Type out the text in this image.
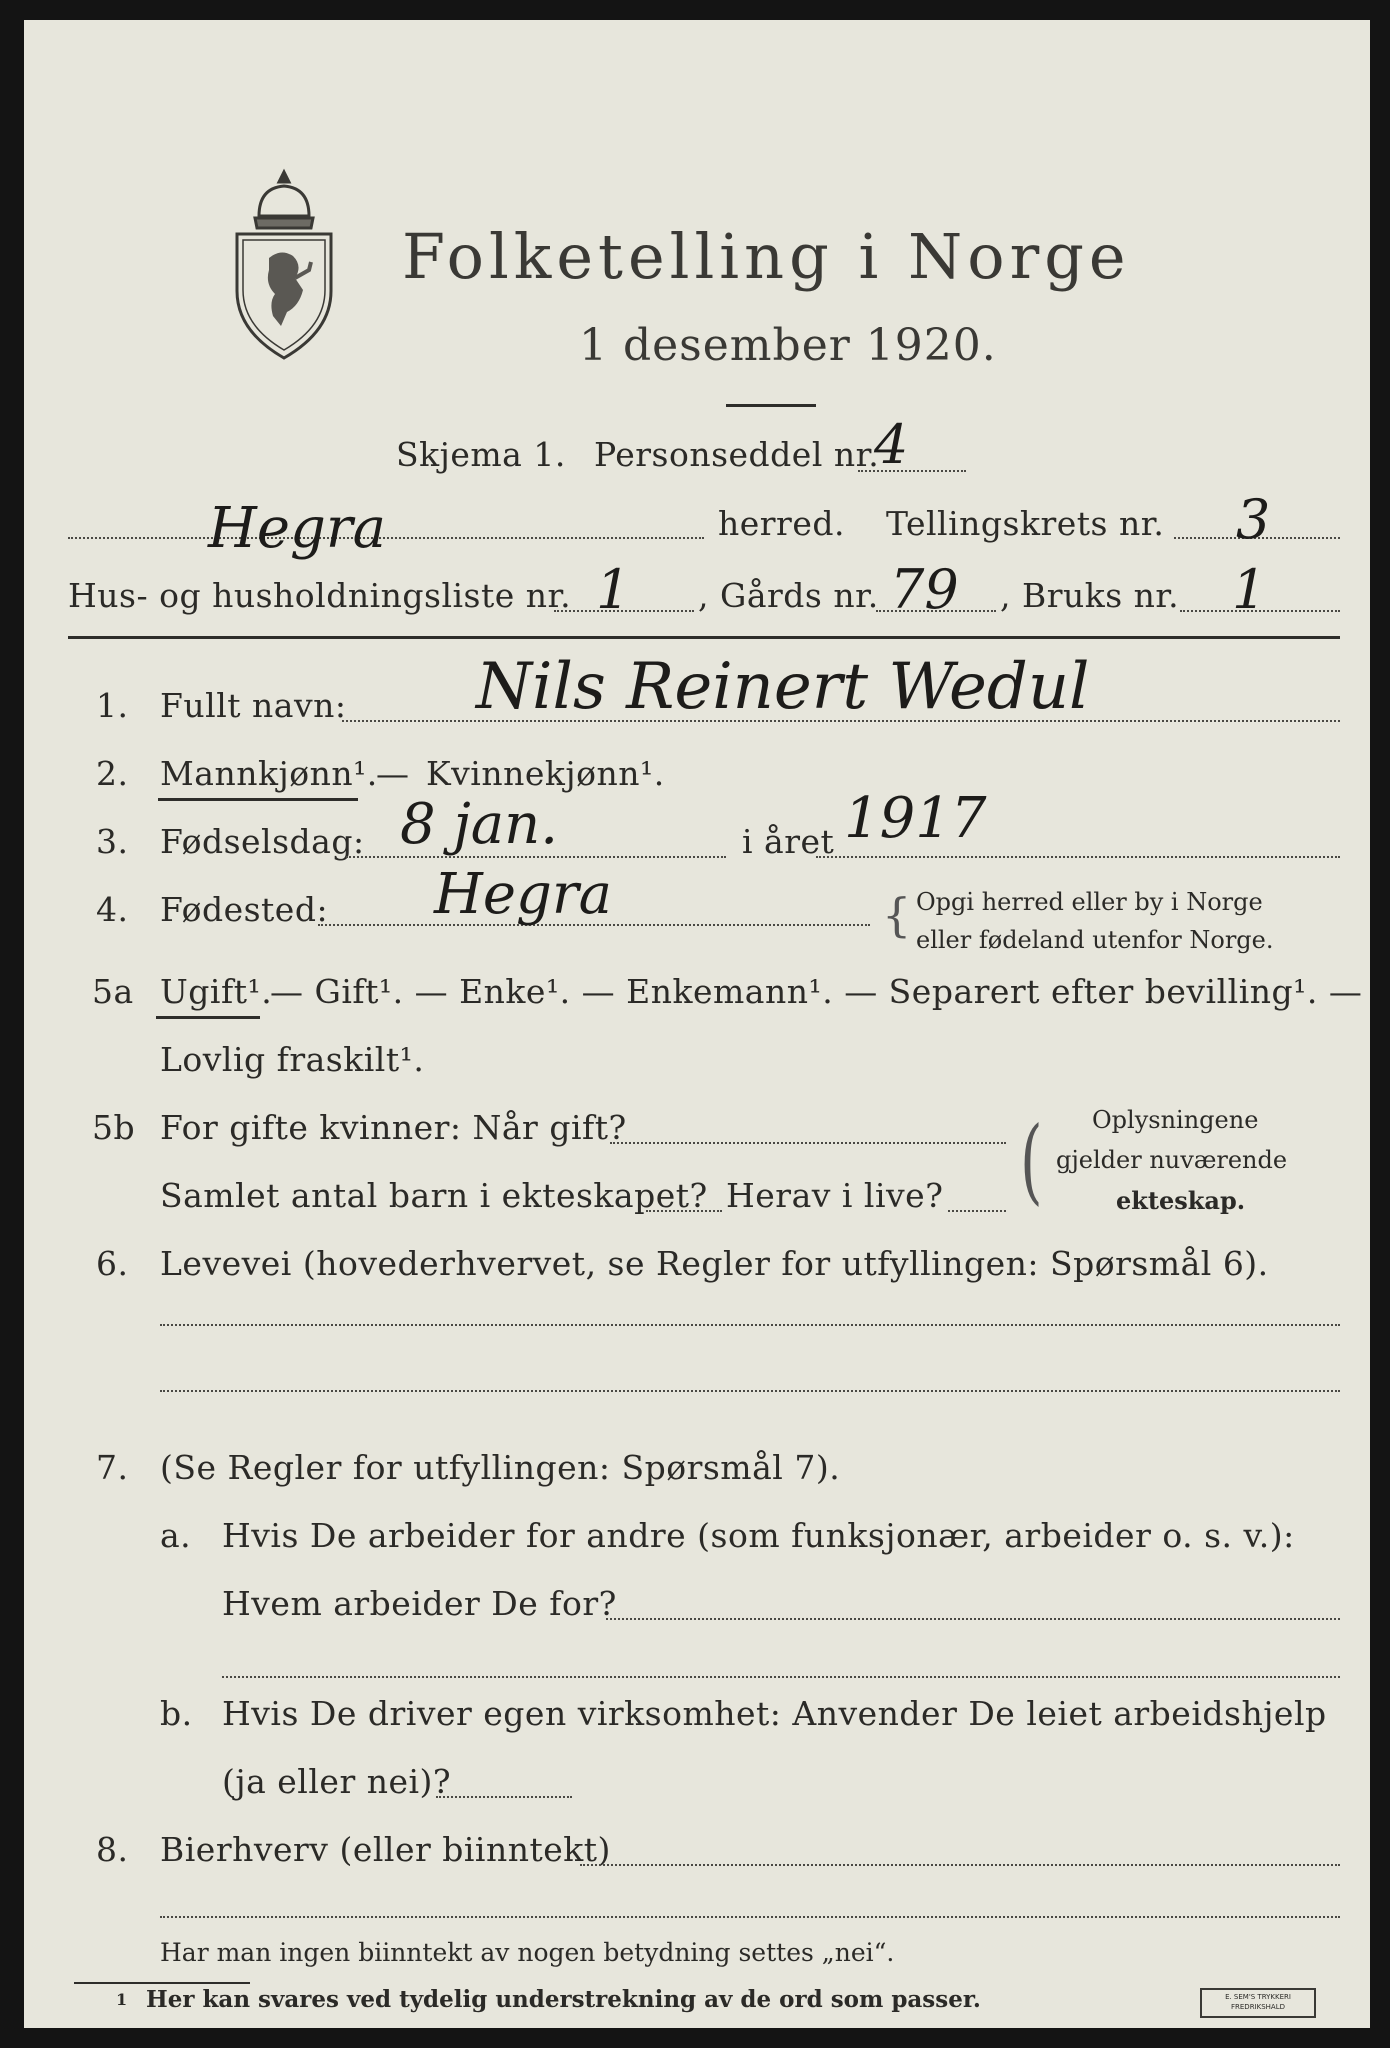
Folketelling i Norge
1 desember 1920.
Skjema 1. Personseddel nr.
4
Hegra	herred. Tellingskrets nr. 3
Hus- og husholdningsliste nr. 1 , Gårds nr. 79 , Bruks nr. 1
1. Fullt navn: Nils Reinert Wedul
2. Mannkjønn¹.
— Kvinnekjønn¹.
3. Fødselsdag: 8 jan.	i året 1917
4. Fødested: Hegra	{ Opgi herred eller by i Norge
eller fødeland utenfor Norge.
5a Ugift¹.
— Gift¹. — Enke¹. — Enkemann¹. — Separert efter bevilling¹. —
Lovlig fraskilt¹.
5b For gifte kvinner: Når gift?
Samlet antal barn i ekteskapet? Herav i live? ( Oplysningene
gjelder nuværende
ekteskap.
6. Levevei (hovederhvervet, se Regler for utfyllingen: Spørsmål 6).
7. (Se Regler for utfyllingen: Spørsmål 7).
a. Hvis De arbeider for andre (som funksjonær, arbeider o. s. v.):
Hvem arbeider De for?
b. Hvis De driver egen virksomhet: Anvender De leiet arbeidshjelp
(ja eller nei)?
8. Bierhverv (eller biinntekt)
Har man ingen biinntekt av nogen betydning settes „nei“.
1 Her kan svares ved tydelig understrekning av de ord som passer.	E. SEM'S TRYKKERI
FREDRIKSHALD
